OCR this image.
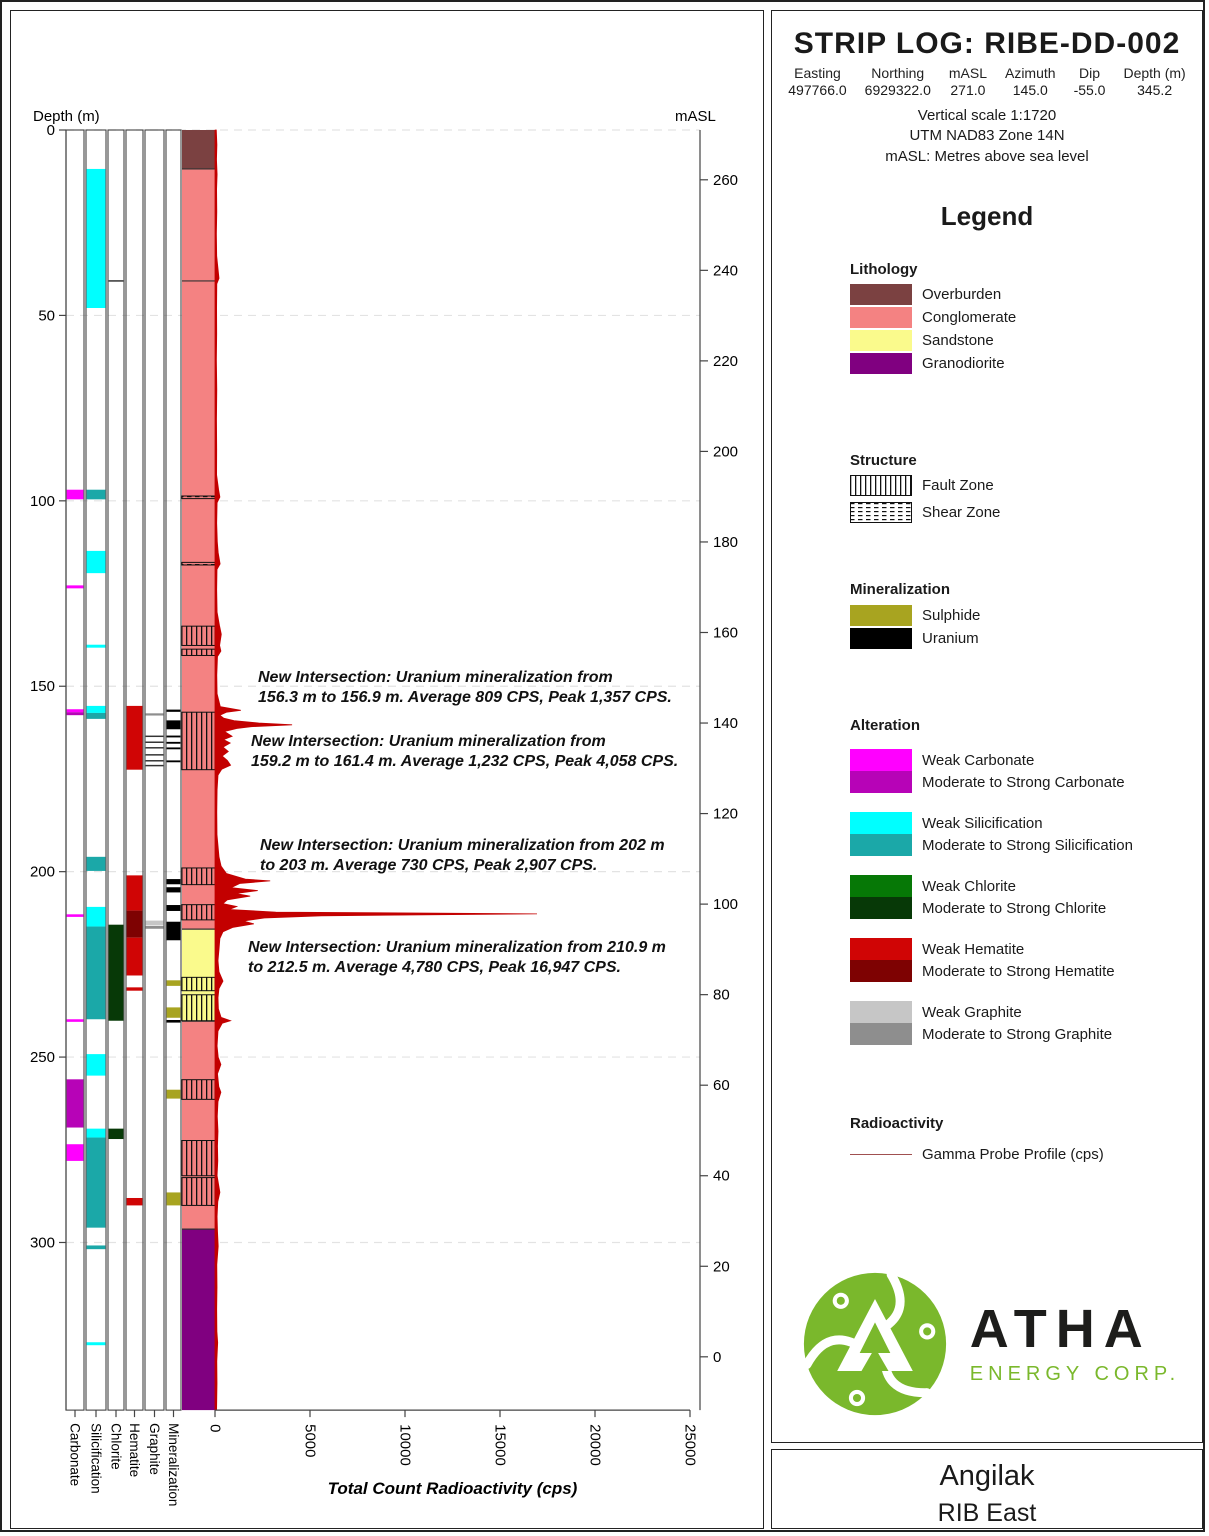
0
50
100
150
200
250
300
Depth (m)
260
240
220
200
180
160
140
120
100
80
60
40
20
0
mASL
0	5000	10000	15000	20000	25000
Total Count Radioactivity (cps)
Carbonate Silicification Chlorite Hematite Graphite Mineralization
New Intersection: Uranium mineralization from
156.3 m to 156.9 m. Average 809 CPS, Peak 1,357 CPS.
New Intersection: Uranium mineralization from
159.2 m to 161.4 m. Average 1,232 CPS, Peak 4,058 CPS.
New Intersection: Uranium mineralization from 202 m
to 203 m. Average 730 CPS, Peak 2,907 CPS.
New Intersection: Uranium mineralization from 210.9 m
to 212.5 m. Average 4,780 CPS, Peak 16,947 CPS.
STRIP LOG: RIBE-DD-002
Easting
497766.0
Northing
6929322.0
mASL
271.0
Azimuth
145.0
Dip
-55.0
Depth (m)
345.2
Vertical scale 1:1720
UTM NAD83 Zone 14N
mASL: Metres above sea level
Legend
Lithology
Overburden
Conglomerate
Sandstone
Granodiorite
Structure
Fault Zone
Shear Zone
Mineralization
Sulphide
Uranium
Alteration
Weak Carbonate
Moderate to Strong Carbonate
Weak Silicification
Moderate to Strong Silicification
Weak Chlorite
Moderate to Strong Chlorite
Weak Hematite
Moderate to Strong Hematite
Weak Graphite
Moderate to Strong Graphite
Radioactivity
Gamma Probe Profile (cps)
ATHA
ENERGY CORP.
Angilak
RIB East
